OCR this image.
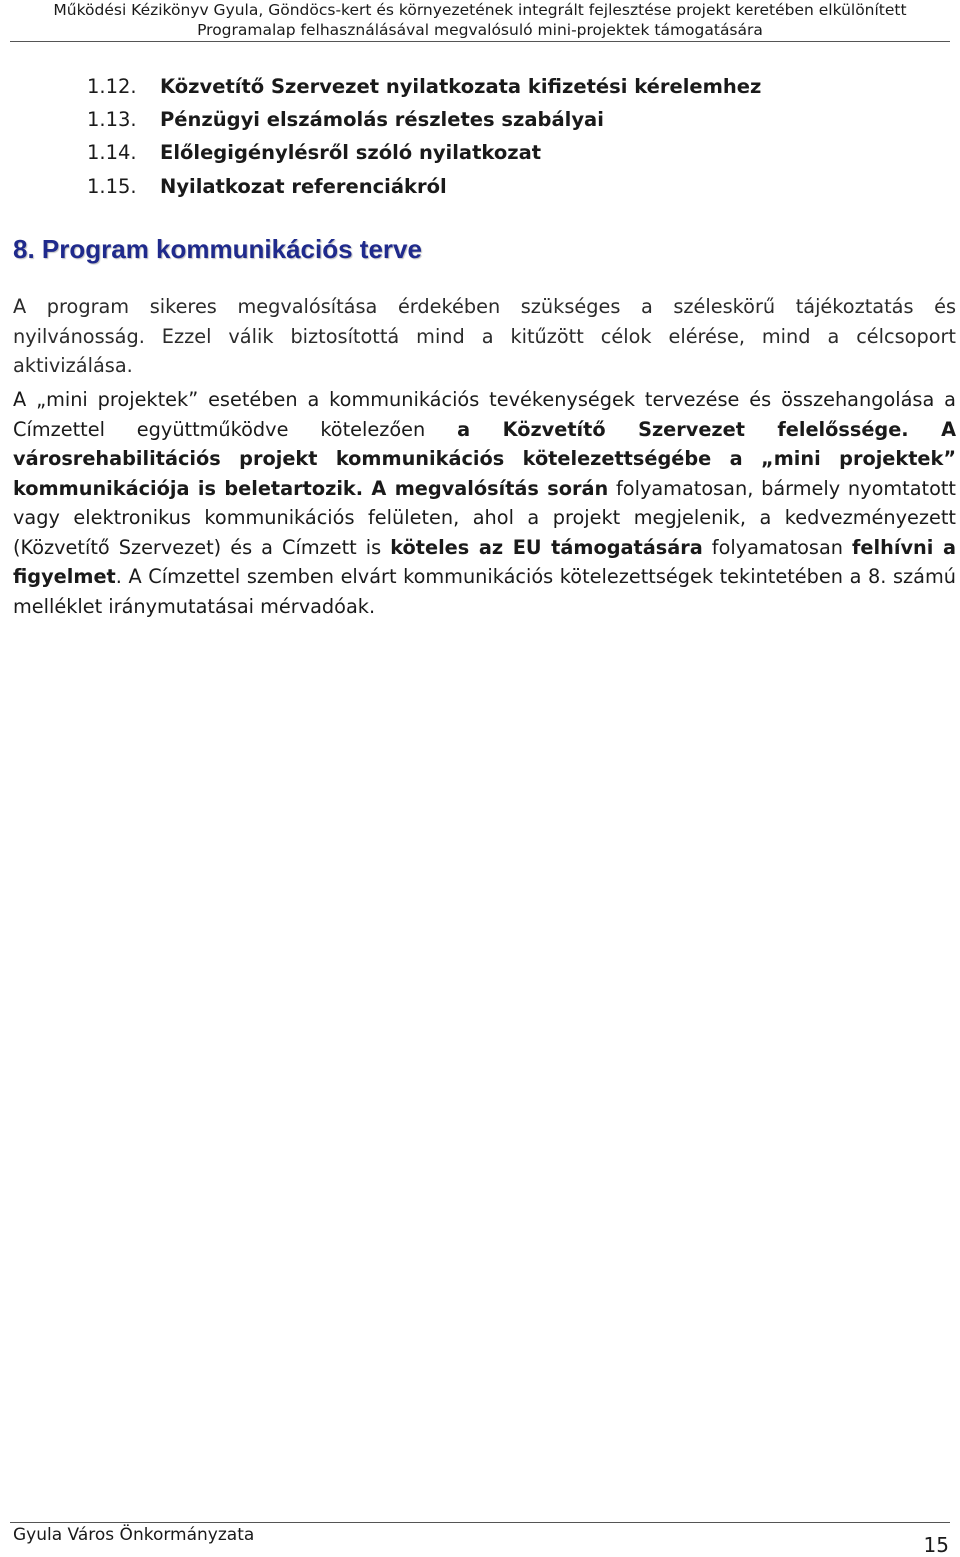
Működési Kézikönyv Gyula, Göndöcs-kert és környezetének integrált fejlesztése projekt keretében elkülönített
Programalap felhasználásával megvalósuló mini-projektek támogatására
1.12.	Közvetítő Szervezet nyilatkozata kifizetési kérelemhez
1.13.	Pénzügyi elszámolás részletes szabályai
1.14.	Előlegigénylésről szóló nyilatkozat
1.15.	Nyilatkozat referenciákról
8. Program kommunikációs terve

A program sikeres megvalósítása érdekében szükséges a széleskörű tájékoztatás és nyilvánosság. Ezzel válik biztosítottá mind a kitűzött célok elérése, mind a célcsoport aktivizálása.

A „mini projektek” esetében a kommunikációs tevékenységek tervezése és összehangolása a Címzettel együttműködve kötelezően a Közvetítő Szervezet felelőssége. A városrehabilitációs projekt kommunikációs kötelezettségébe a „mini projektek” kommunikációja is beletartozik. A megvalósítás során folyamatosan, bármely nyomtatott vagy elektronikus kommunikációs felületen, ahol a projekt megjelenik, a kedvezményezett (Közvetítő Szervezet) és a Címzett is köteles az EU támogatására folyamatosan felhívni a figyelmet. A Címzettel szemben elvárt kommunikációs kötelezettségek tekintetében a 8. számú melléklet iránymutatásai mérvadóak.

Gyula Város Önkormányzata	15
